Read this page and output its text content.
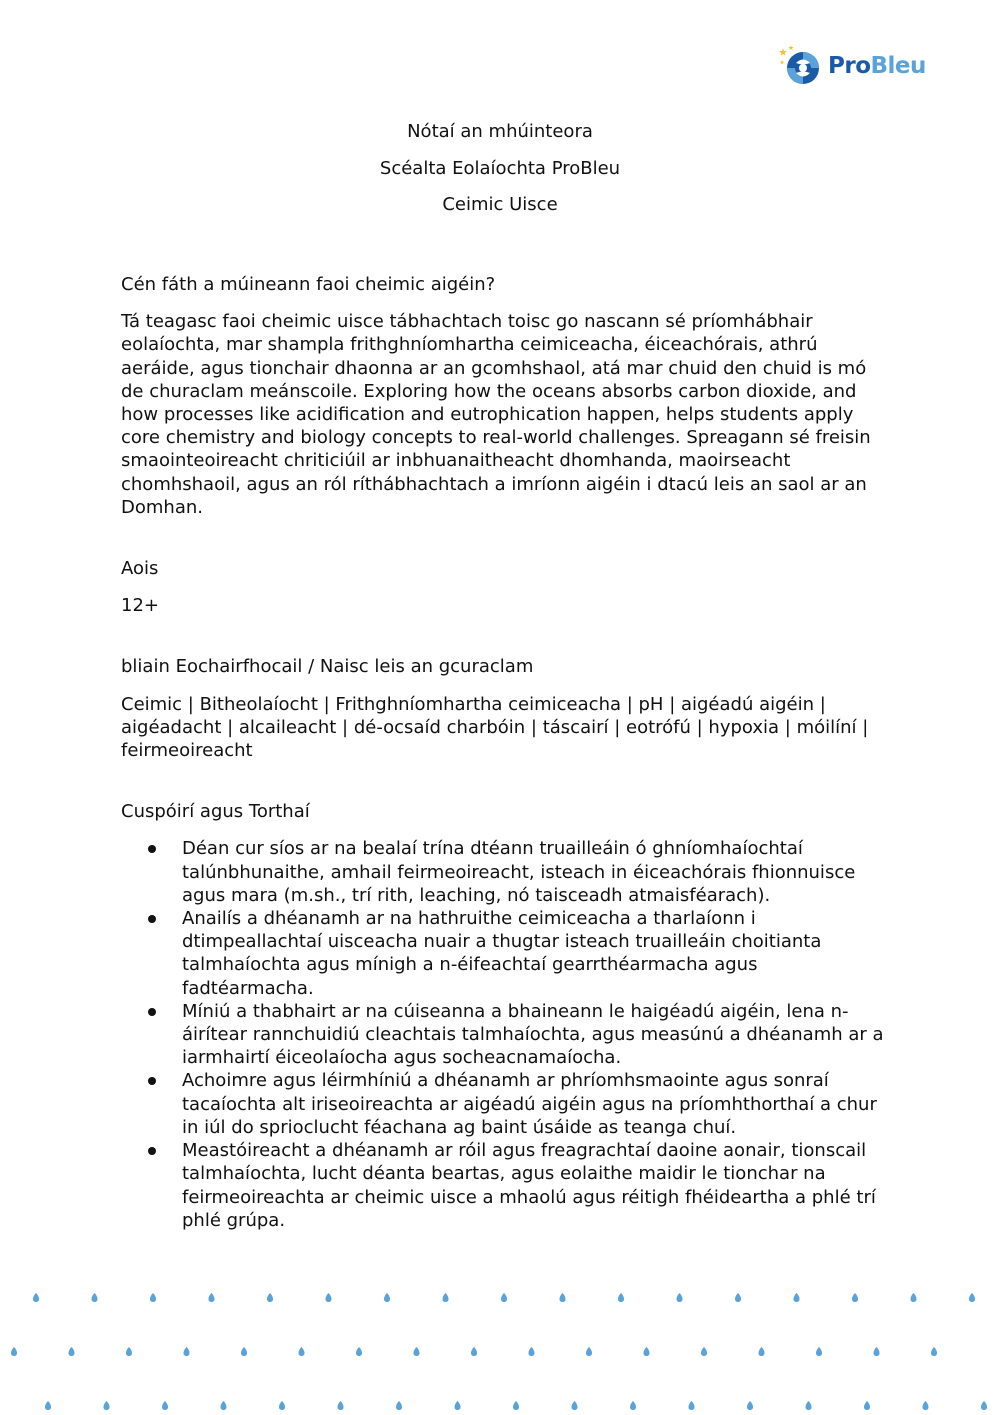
ProBleu
Nótaí an mhúinteora
Scéalta Eolaíochta ProBleu
Ceimic Uisce
Cén fáth a múineann faoi cheimic aigéin?

Tá teagasc faoi cheimic uisce tábhachtach toisc go nascann sé príomhábhair eolaíochta, mar shampla frithghníomhartha ceimiceacha, éiceachórais, athrú aeráide, agus tionchair dhaonna ar an gcomhshaol, atá mar chuid den chuid is mó de churaclam meánscoile. Exploring how the oceans absorbs carbon dioxide, and how processes like acidification and eutrophication happen, helps students apply core chemistry and biology concepts to real-world challenges. Spreagann sé freisin smaointeoireacht chriticiúil ar inbhuanaitheacht dhomhanda, maoirseacht chomhshaoil, agus an ról ríthábhachtach a imríonn aigéin i dtacú leis an saol ar an Domhan.

Aois
12+
bliain Eochairfhocail / Naisc leis an gcuraclam

Ceimic | Bitheolaíocht | Frithghníomhartha ceimiceacha | pH | aigéadú aigéin | aigéadacht | alcaileacht | dé-ocsaíd charbóin | táscairí | eotrófú | hypoxia | móilíní | feirmeoireacht

Cuspóirí agus Torthaí
Déan cur síos ar na bealaí trína dtéann truailleáin ó ghníomhaíochtaí talúnbhunaithe, amhail feirmeoireacht, isteach in éiceachórais fhionnuisce agus mara (m.sh., trí rith, leaching, nó taisceadh atmaisféarach).
Anailís a dhéanamh ar na hathruithe ceimiceacha a tharlaíonn i dtimpeallachtaí uisceacha nuair a thugtar isteach truailleáin choitianta talmhaíochta agus mínigh a n-éifeachtaí gearrthéarmacha agus fadtéarmacha.
Míniú a thabhairt ar na cúiseanna a bhaineann le haigéadú aigéin, lena n-áirítear rannchuidiú cleachtais talmhaíochta, agus measúnú a dhéanamh ar a iarmhairtí éiceolaíocha agus socheacnamaíocha.
Achoimre agus léirmhíniú a dhéanamh ar phríomhsmaointe agus sonraí tacaíochta alt iriseoireachta ar aigéadú aigéin agus na príomhthorthaí a chur in iúl do sprioclucht féachana ag baint úsáide as teanga chuí.
Meastóireacht a dhéanamh ar róil agus freagrachtaí daoine aonair, tionscail talmhaíochta, lucht déanta beartas, agus eolaithe maidir le tionchar na feirmeoireachta ar cheimic uisce a mhaolú agus réitigh fhéideartha a phlé trí phlé grúpa.
